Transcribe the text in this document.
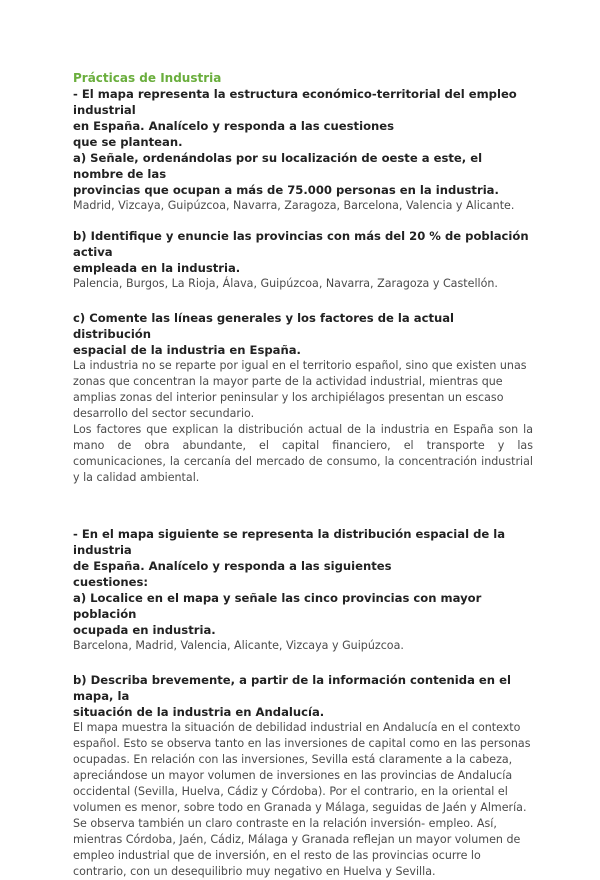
Prácticas de Industria

- El mapa representa la estructura económico-territorial del empleo industrial
en España. Analícelo y responda a las cuestiones
que se plantean.

a) Señale, ordenándolas por su localización de oeste a este, el nombre de las
provincias que ocupan a más de 75.000 personas en la industria.

Madrid, Vizcaya, Guipúzcoa, Navarra, Zaragoza, Barcelona, Valencia y Alicante.

b) Identifique y enuncie las provincias con más del 20 % de población activa
empleada en la industria.

Palencia, Burgos, La Rioja, Álava, Guipúzcoa, Navarra, Zaragoza y Castellón.

c) Comente las líneas generales y los factores de la actual distribución
espacial de la industria en España.

La industria no se reparte por igual en el territorio español, sino que existen unas
zonas que concentran la mayor parte de la actividad industrial, mientras que
amplias zonas del interior peninsular y los archipiélagos presentan un escaso
desarrollo del sector secundario.

Los factores que explican la distribución actual de la industria en España son la mano de obra abundante, el capital financiero, el transporte y las comunicaciones, la cercanía del mercado de consumo, la concentración industrial y la calidad ambiental.

- En el mapa siguiente se representa la distribución espacial de la industria
de España. Analícelo y responda a las siguientes
cuestiones:

a) Localice en el mapa y señale las cinco provincias con mayor población
ocupada en industria.

Barcelona, Madrid, Valencia, Alicante, Vizcaya y Guipúzcoa.

b) Describa brevemente, a partir de la información contenida en el mapa, la
situación de la industria en Andalucía.

El mapa muestra la situación de debilidad industrial en Andalucía en el contexto
español. Esto se observa tanto en las inversiones de capital como en las personas
ocupadas. En relación con las inversiones, Sevilla está claramente a la cabeza,
apreciándose un mayor volumen de inversiones en las provincias de Andalucía
occidental (Sevilla, Huelva, Cádiz y Córdoba). Por el contrario, en la oriental el
volumen es menor, sobre todo en Granada y Málaga, seguidas de Jaén y Almería.
Se observa también un claro contraste en la relación inversión- empleo. Así,
mientras Córdoba, Jaén, Cádiz, Málaga y Granada reflejan un mayor volumen de
empleo industrial que de inversión, en el resto de las provincias ocurre lo
contrario, con un desequilibrio muy negativo en Huelva y Sevilla.
